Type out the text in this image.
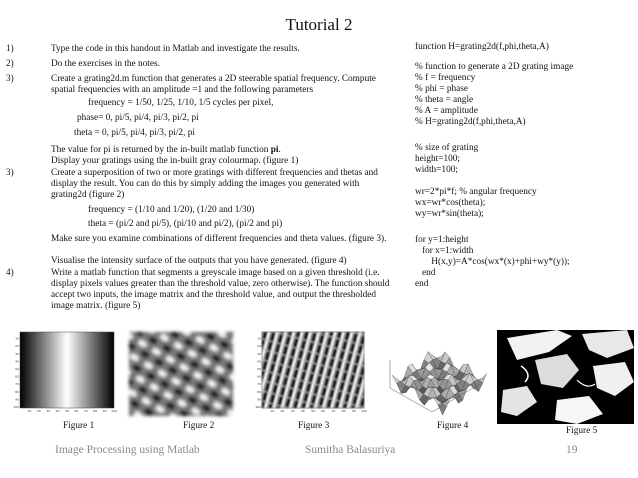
Tutorial 2
1)	Type the code in this handout in Matlab and investigate the results.
2)	Do the exercises in the notes.
3)	Create a grating2d.m function that generates a 2D steerable spatial frequency. Compute spatial frequencies with an amplitude =1 and the following parameters
frequency = 1/50, 1/25, 1/10, 1/5 cycles per pixel,
phase= 0, pi/5, pi/4, pi/3, pi/2, pi
theta = 0, pi/5, pi/4, pi/3, pi/2, pi
The value for pi is returned by the in-built matlab function pi.
Display your gratings using the in-built gray colourmap. (figure 1)
3)	Create a superposition of two or more gratings with different frequencies and thetas and display the result. You can do this by simply adding the images you generated with grating2d (figure 2)
frequency = (1/10 and 1/20), (1/20 and 1/30)
theta = (pi/2 and pi/5), (pi/10 and pi/2), (pi/2 and pi)
Make sure you examine combinations of different frequencies and theta values. (figure 3).
Visualise the intensity surface of the outputs that you have generated. (figure 4)
4)	Write a matlab function that segments a greyscale image based on a given threshold (i.e. display pixels values greater than the threshold value, zero otherwise). The function should accept two inputs, the image matrix and the threshold value, and output the thresholded image matrix. (figure 5)
function H=grating2d(f,phi,theta,A)
% function to generate a 2D grating image
% f = frequency
% phi = phase
% theta = angle
% A = amplitude
% H=grating2d(f,phi,theta,A)
% size of grating
height=100;
width=100;
wr=2*pi*f; % angular frequency
wx=wr*cos(theta);
wy=wr*sin(theta);
for y=1:height
for x=1:width
H(x,y)=A*cos(wx*(x)+phi+wy*(y));
end
end
10
20
30
40
50
60
70
80
90
100
10 20 30 40 50 60 70 80 90 100
10
20
30
40
50
60
70
80
90
100
10 20 30 40 50 60 70 80 90 100
Figure 1	Figure 2	Figure 3	Figure 4	Figure 5
Image Processing using Matlab	Sumitha Balasuriya	19
